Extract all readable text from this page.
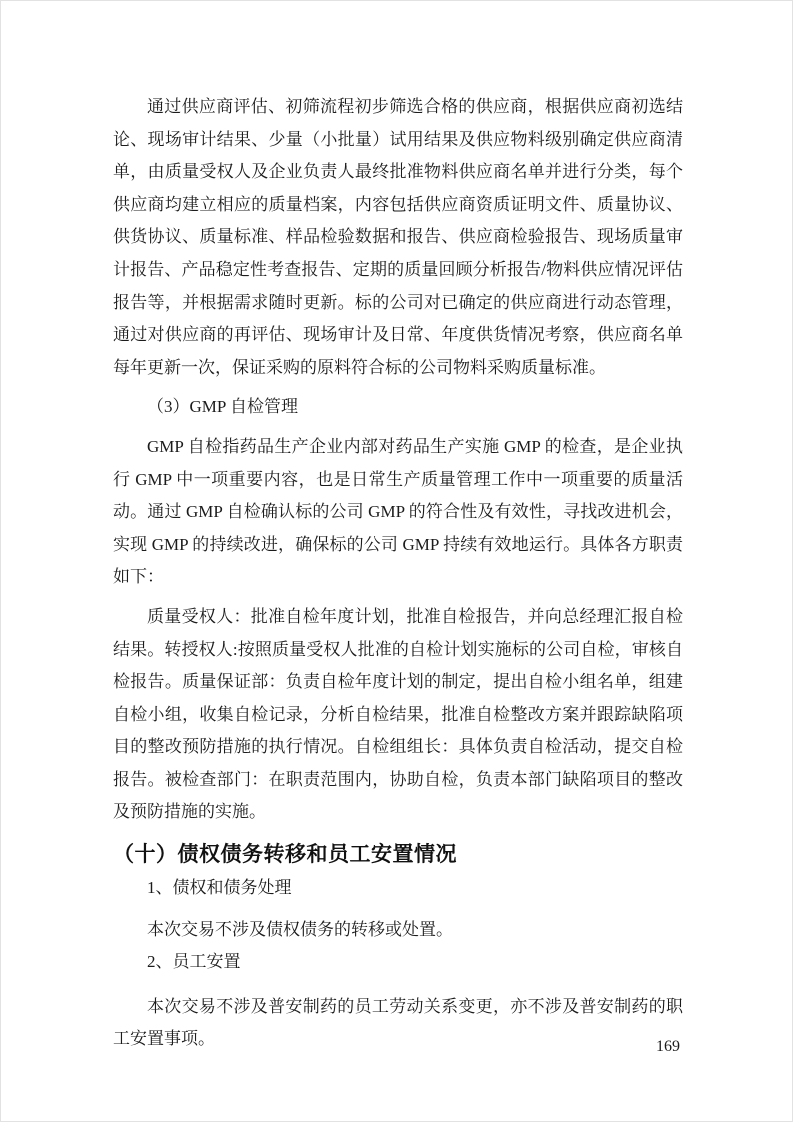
通过供应商评估、初筛流程初步筛选合格的供应商，根据供应商初选结论、现场审计结果、少量（小批量）试用结果及供应物料级别确定供应商清单，由质量受权人及企业负责人最终批准物料供应商名单并进行分类，每个供应商均建立相应的质量档案，内容包括供应商资质证明文件、质量协议、供货协议、质量标准、样品检验数据和报告、供应商检验报告、现场质量审计报告、产品稳定性考查报告、定期的质量回顾分析报告/物料供应情况评估报告等，并根据需求随时更新。标的公司对已确定的供应商进行动态管理，通过对供应商的再评估、现场审计及日常、年度供货情况考察，供应商名单每年更新一次，保证采购的原料符合标的公司物料采购质量标准。

（3）GMP 自检管理

GMP 自检指药品生产企业内部对药品生产实施 GMP 的检查，是企业执行 GMP 中一项重要内容，也是日常生产质量管理工作中一项重要的质量活动。通过 GMP 自检确认标的公司 GMP 的符合性及有效性，寻找改进机会，实现 GMP 的持续改进，确保标的公司 GMP 持续有效地运行。具体各方职责如下：

质量受权人：批准自检年度计划，批准自检报告，并向总经理汇报自检结果。转授权人:按照质量受权人批准的自检计划实施标的公司自检，审核自检报告。质量保证部：负责自检年度计划的制定，提出自检小组名单，组建自检小组，收集自检记录，分析自检结果，批准自检整改方案并跟踪缺陷项目的整改预防措施的执行情况。自检组组长：具体负责自检活动，提交自检报告。被检查部门：在职责范围内，协助自检，负责本部门缺陷项目的整改及预防措施的实施。

（十）债权债务转移和员工安置情况

1、债权和债务处理

本次交易不涉及债权债务的转移或处置。

2、员工安置

本次交易不涉及普安制药的员工劳动关系变更，亦不涉及普安制药的职工安置事项。	169
